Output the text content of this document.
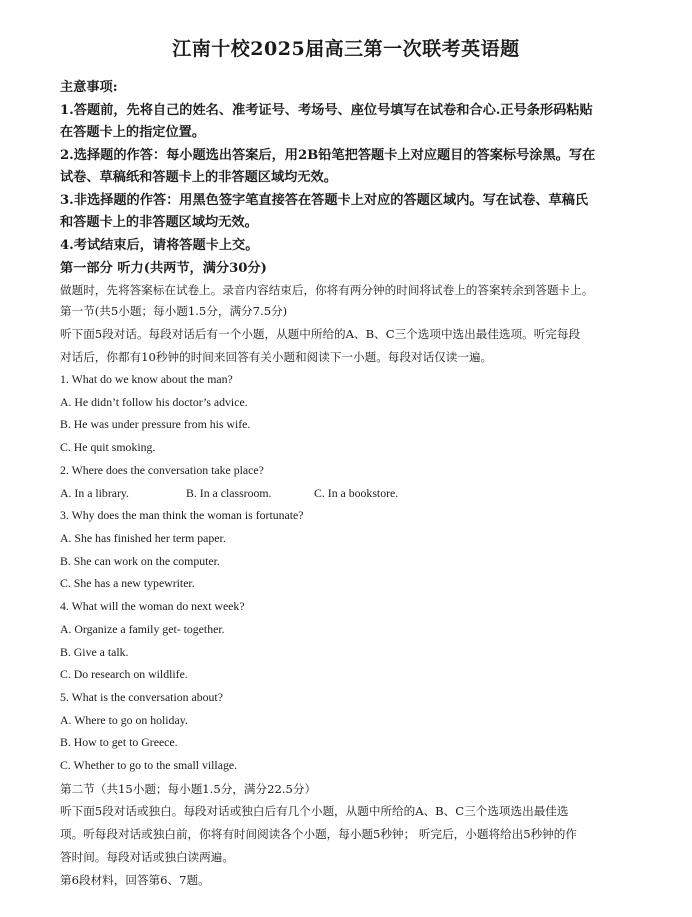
江南十校2025届高三第一次联考英语题
主意事项:
1.答题前，先将自己的姓名、准考证号、考场号、座位号填写在试卷和合心.正号条形码粘贴
在答题卡上的指定位置。
2.选择题的作答：每小题选出答案后，用2B铅笔把答题卡上对应题目的答案标号涂黑。写在
试卷、草稿纸和答题卡上的非答题区域均无效。
3.非选择题的作答：用黑色签字笔直接答在答题卡上对应的答题区域内。写在试卷、草稿氏
和答题卡上的非答题区域均无效。
4.考试结束后，请将答题卡上交。
第一部分 听力(共两节，满分30分)
做题时，先将答案标在试卷上。录音内容结束后，你将有两分钟的时间将试卷上的答案转余到答题卡上。
第一节(共5小题；每小题1.5分，满分7.5分)
听下面5段对话。每段对话后有一个小题，从题中所给的A、B、C三个选项中选出最佳选项。听完每段
对话后，你都有10秒钟的时间来回答有关小题和阅读下一小题。每段对话仅读一遍。
1. What do we know about the man?
A. He didn’t follow his doctor’s advice.
B. He was under pressure from his wife.
C. He quit smoking.
2. Where does the conversation take place?
A. In a library.	B. In a classroom.	C. In a bookstore.
3. Why does the man think the woman is fortunate?
A. She has finished her term paper.
B. She can work on the computer.
C. She has a new typewriter.
4. What will the woman do next week?
A. Organize a family get- together.
B. Give a talk.
C. Do research on wildlife.
5. What is the conversation about?
A. Where to go on holiday.
B. How to get to Greece.
C. Whether to go to the small village.
第二节（共15小题；每小题1.5分，满分22.5分）
听下面5段对话或独白。每段对话或独白后有几个小题，从题中所给的A、B、C三个选项选出最佳选
项。听每段对话或独白前，你将有时间阅读各个小题，每小题5秒钟； 听完后，小题将给出5秒钟的作
答时间。每段对话或独白读两遍。
第6段材料，回答第6、7题。
